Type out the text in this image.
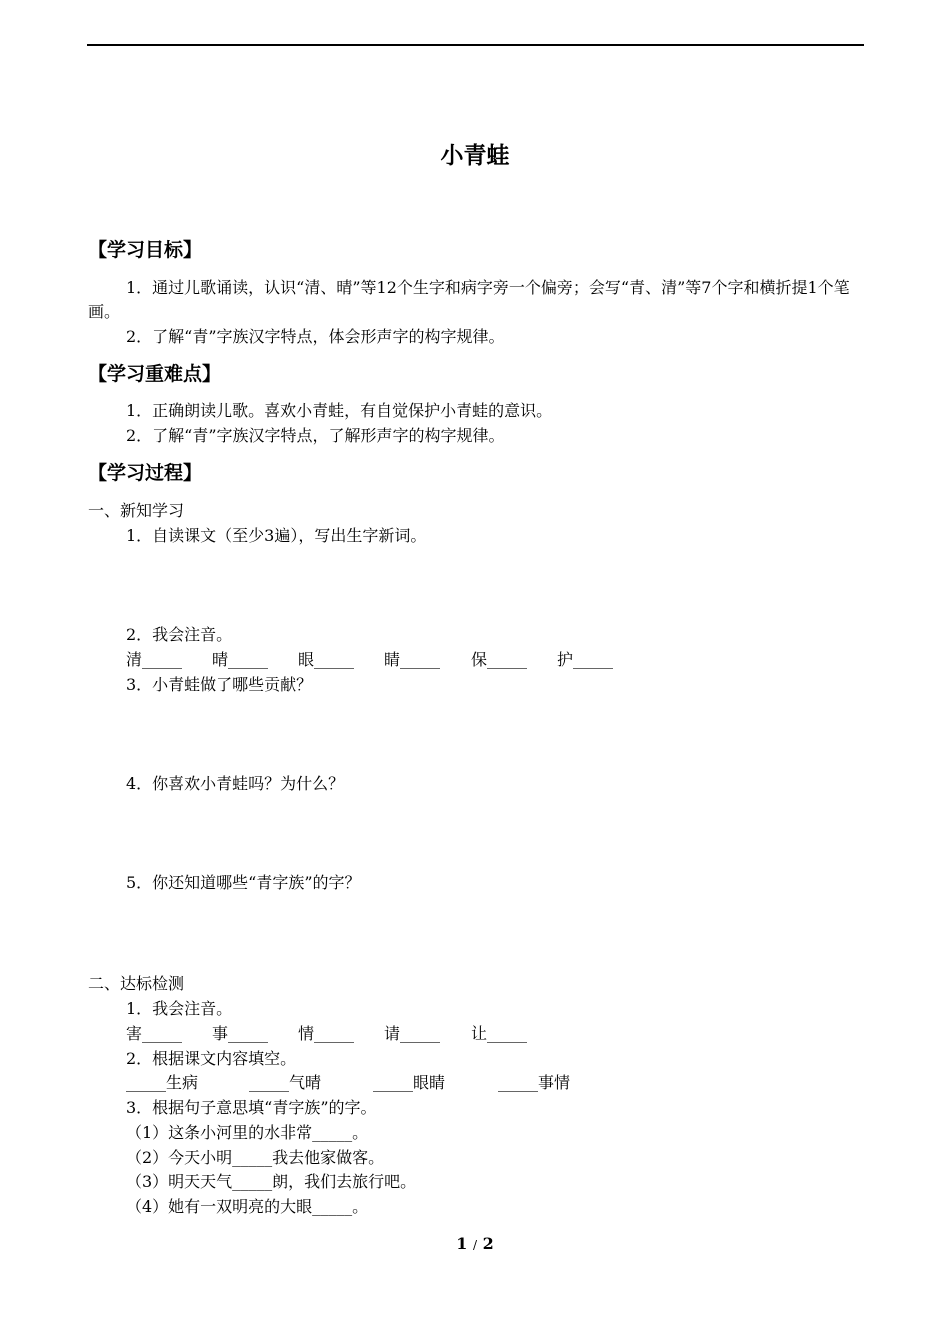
小青蛙
【学习目标】
1．通过儿歌诵读，认识“清、晴”等12个生字和病字旁一个偏旁；会写“青、清”等7个字和横折提1个笔画。
2．了解“青”字族汉字特点，体会形声字的构字规律。
【学习重难点】
1．正确朗读儿歌。喜欢小青蛙，有自觉保护小青蛙的意识。
2．了解“青”字族汉字特点，了解形声字的构字规律。
【学习过程】
一、新知学习
1．自读课文（至少3遍），写出生字新词。
2．我会注音。
清_____ 晴_____ 眼_____ 睛_____ 保_____ 护_____
3．小青蛙做了哪些贡献？
4．你喜欢小青蛙吗？为什么？
5．你还知道哪些“青字族”的字？
二、达标检测
1．我会注音。
害_____ 事_____ 情_____ 请_____ 让_____
2．根据课文内容填空。
_____生病	_____气晴	_____眼睛	_____事情
3．根据句子意思填“青字族”的字。
（1）这条小河里的水非常_____。
（2）今天小明_____我去他家做客。
（3）明天天气_____朗，我们去旅行吧。
（4）她有一双明亮的大眼_____。
1 / 2
